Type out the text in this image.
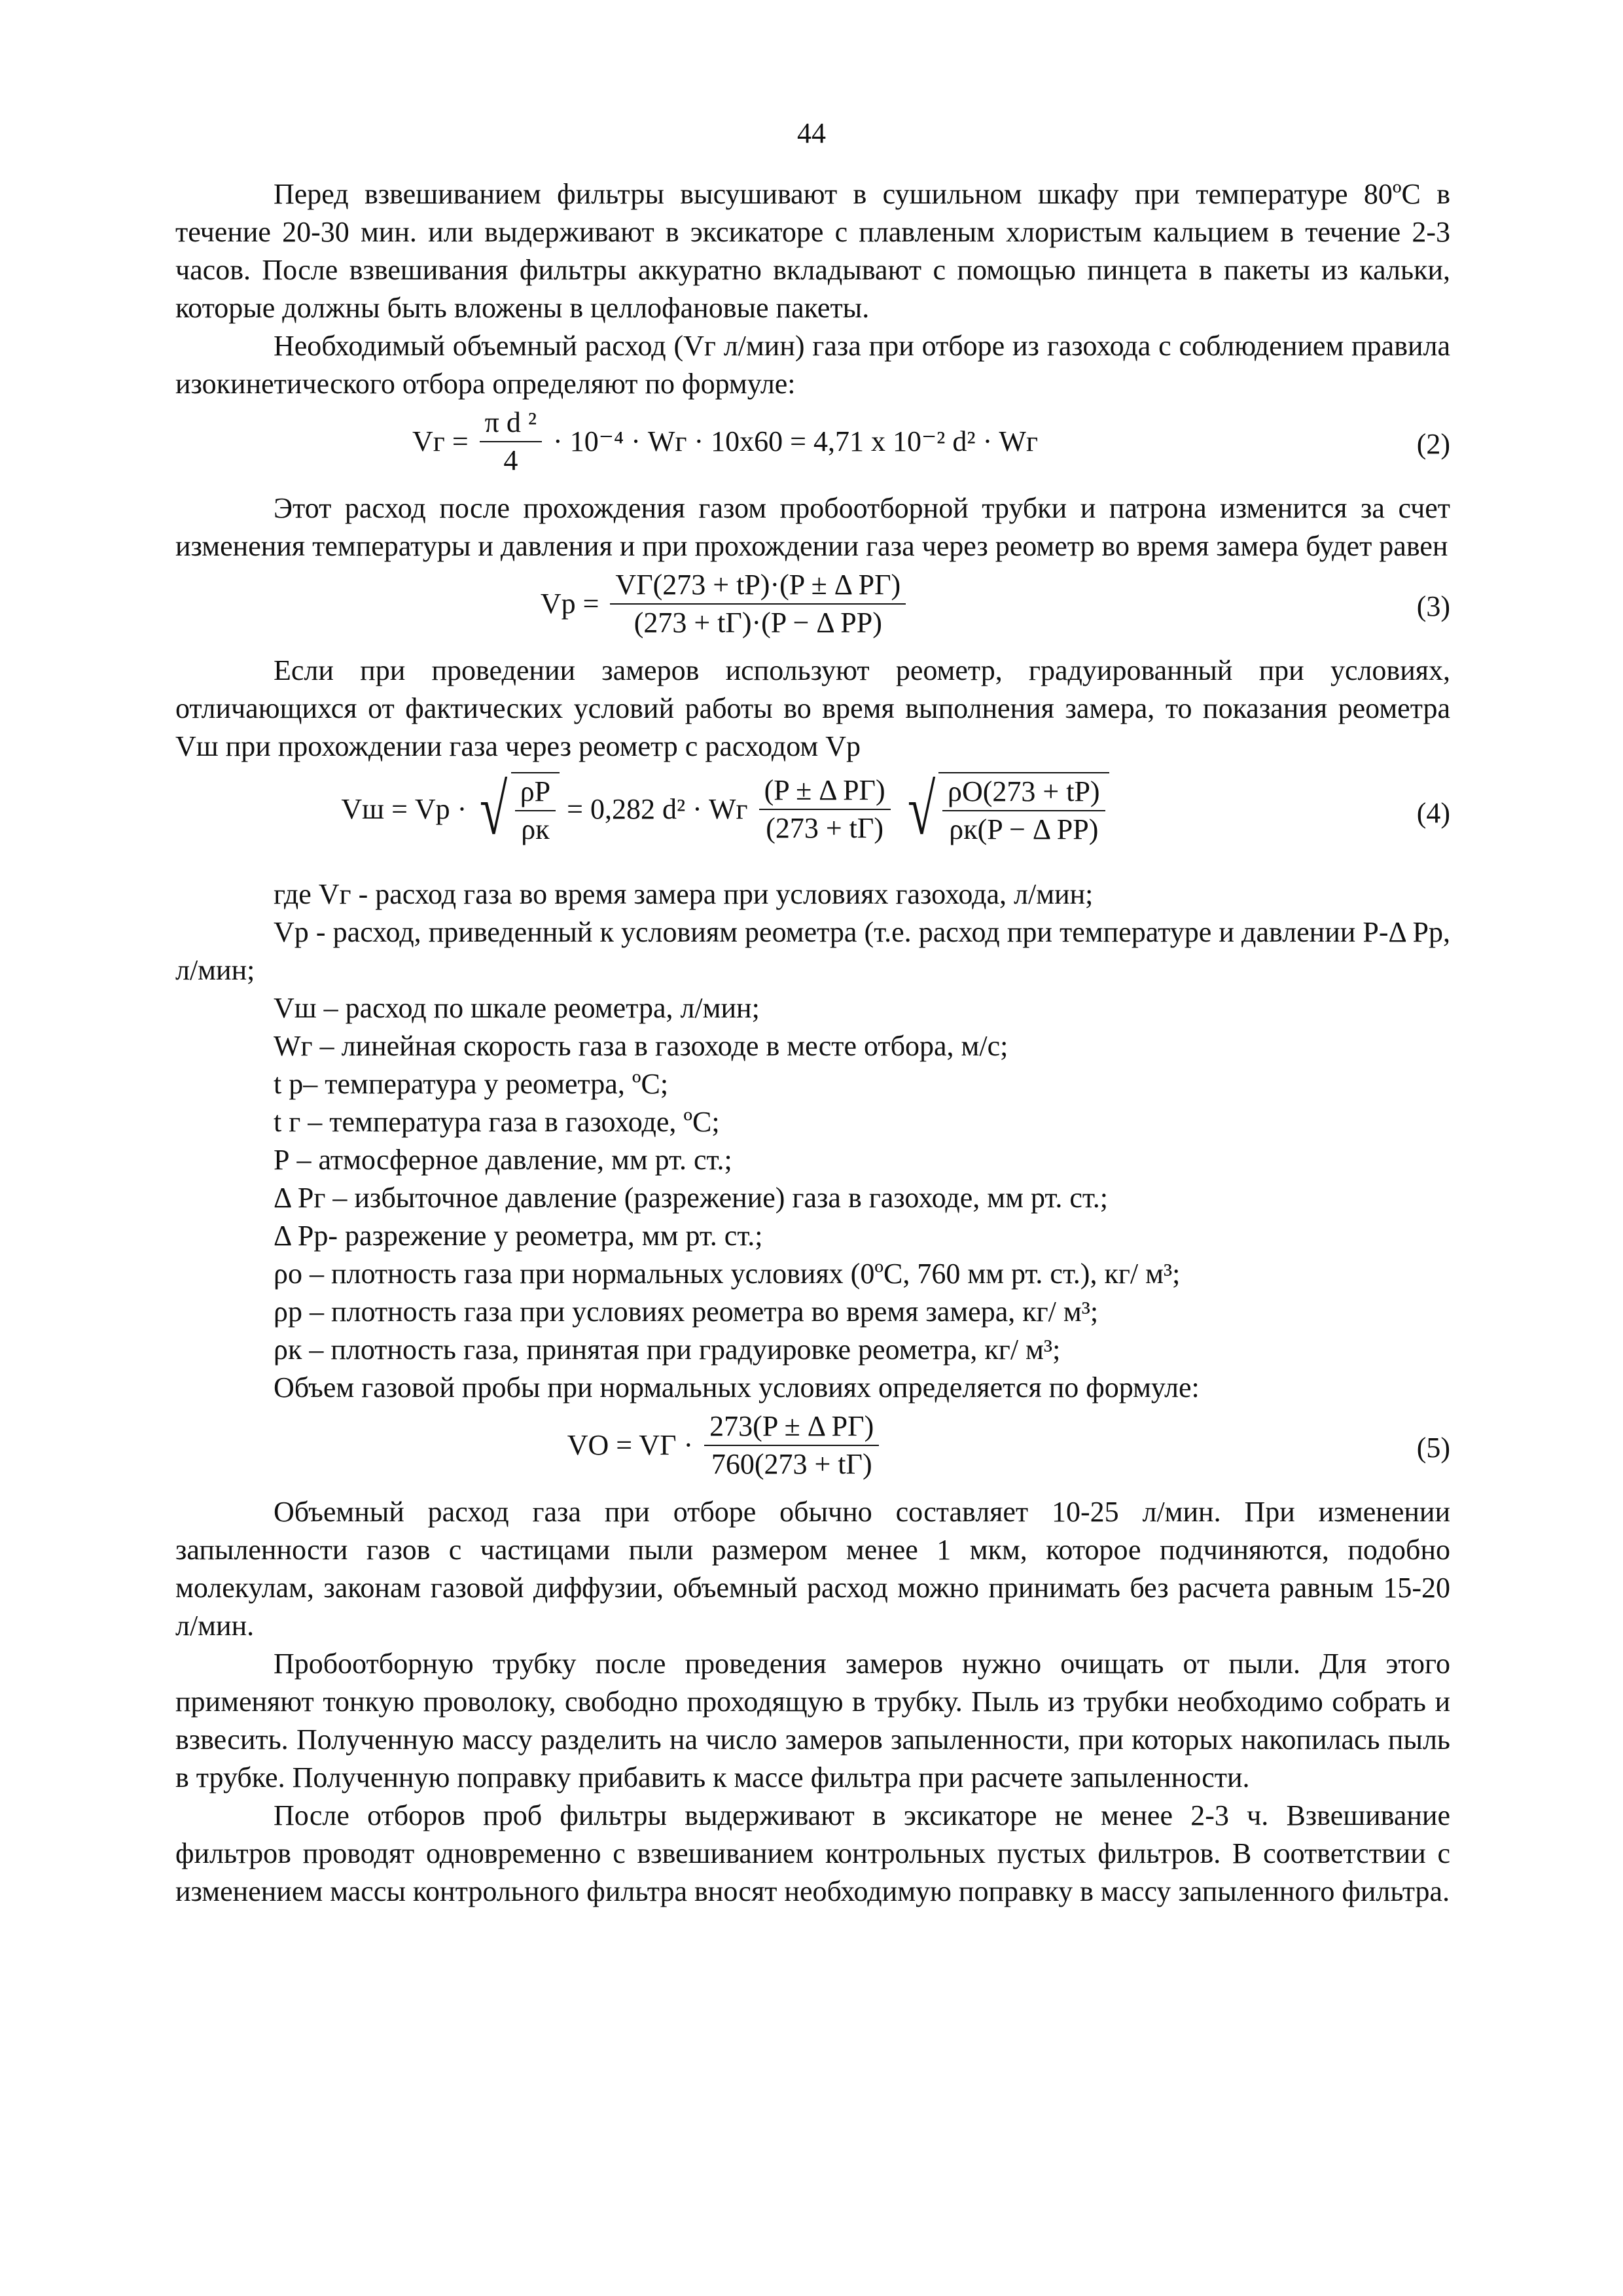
44

Перед взвешиванием фильтры высушивают в сушильном шкафу при температуре 80ºС в течение 20-30 мин. или выдерживают в эксикаторе с плавленым хлористым кальцием в течение 2-3 часов. После взвешивания фильтры аккуратно вкладывают с помощью пинцета в пакеты из кальки, которые должны быть вложены в целлофановые пакеты.

Необходимый объемный расход (Vг л/мин) газа при отборе из газохода с соблюдением правила изокинетического отбора определяют по формуле:

Vг = $\frac{\text{π d ²}}{4} \cdot 10^{-4}$ · Wг · 10х60 = 4,71 х 10⁻² d² · Wг	(2)

Этот расход после прохождения газом пробоотборной трубки и патрона изменится за счет изменения температуры и давления и при прохождении газа через реометр во время замера будет равен

$Vp = \frac{\text{VГ(273 + tP)·(P ± Δ PГ)}}{\text{(273 + tГ)·(P − Δ PP)}}$	(3)

Если при проведении замеров используют реометр, градуированный при условиях, отличающихся от фактических условий работы во время выполнения замера, то показания реометра Vш при прохождении газа через реометр с расходом Vр

Vш = Vр · √ $\frac{\rho P}{\rho к} = 0,282$ d² · Wг $\frac{\text{(P ± Δ PГ)}}{(273 + tГ)}$
√ $\frac{\rho O(273 + tP)}{\text{ρк(P − Δ PP)}}$	(4)

где Vг - расход газа во время замера при условиях газохода, л/мин;

Vр - расход, приведенный к условиям реометра (т.е. расход при температуре и давлении P-Δ Рр, л/мин;

Vш – расход по шкале реометра, л/мин;

Wг – линейная скорость газа в газоходе в месте отбора, м/с;

t р– температура у реометра, ºС;

t г – температура газа в газоходе, ºС;

Р – атмосферное давление, мм рт. ст.;

Δ Рг – избыточное давление (разрежение) газа в газоходе, мм рт. ст.;

Δ Рр- разрежение у реометра, мм рт. ст.;

ρо – плотность газа при нормальных условиях (0ºС, 760 мм рт. ст.), кг/ м³;

ρр – плотность газа при условиях реометра во время замера, кг/ м³;

ρк – плотность газа, принятая при градуировке реометра, кг/ м³;

Объем газовой пробы при нормальных условиях определяется по формуле:

VO = VГ · $\frac{\text{273(P ± Δ PГ)}}{760(273 + tГ)}$	(5)

Объемный расход газа при отборе обычно составляет 10-25 л/мин. При изменении запыленности газов с частицами пыли размером менее 1 мкм, которое подчиняются, подобно молекулам, законам газовой диффузии, объемный расход можно принимать без расчета равным 15-20 л/мин.

Пробоотборную трубку после проведения замеров нужно очищать от пыли. Для этого применяют тонкую проволоку, свободно проходящую в трубку. Пыль из трубки необходимо собрать и взвесить. Полученную массу разделить на число замеров запыленности, при которых накопилась пыль в трубке. Полученную поправку прибавить к массе фильтра при расчете запыленности.

После отборов проб фильтры выдерживают в эксикаторе не менее 2-3 ч. Взвешивание фильтров проводят одновременно с взвешиванием контрольных пустых фильтров. В соответствии с изменением массы контрольного фильтра вносят необходимую поправку в массу запыленного фильтра.
